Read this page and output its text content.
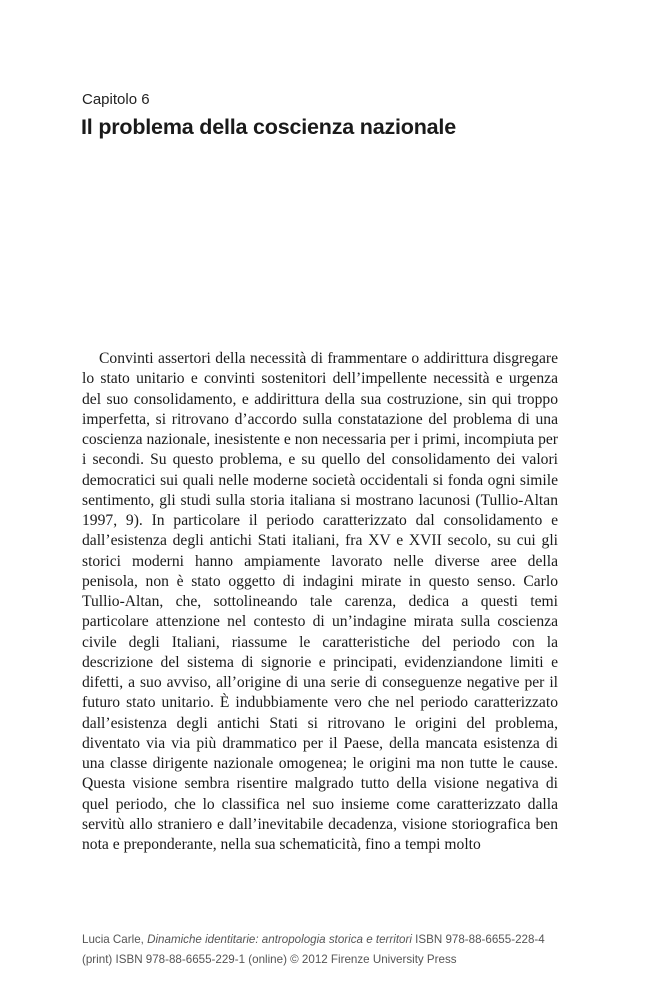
Capitolo 6
Il problema della coscienza nazionale

Convinti assertori della necessità di frammentare o addirittura disgregare lo stato unitario e convinti sostenitori dell’impellente necessità e urgenza del suo consolidamento, e addirittura della sua costruzione, sin qui troppo imperfetta, si ritrovano d’accordo sulla constatazione del problema di una coscienza nazionale, inesistente e non necessaria per i primi, incompiuta per i secondi. Su questo problema, e su quello del consolidamento dei valori democratici sui quali nelle moderne società occidentali si fonda ogni simile sentimento, gli studi sulla storia italiana si mostrano lacunosi (Tullio-Altan 1997, 9). In particolare il periodo caratterizzato dal consolidamento e dall’esistenza degli antichi Stati italiani, fra XV e XVII secolo, su cui gli storici moderni hanno ampiamente lavorato nelle diverse aree della penisola, non è stato oggetto di indagini mirate in questo senso. Carlo Tullio-Altan, che, sottolineando tale carenza, dedica a questi temi particolare attenzione nel contesto di un’indagine mirata sulla coscienza civile degli Italiani, riassume le caratteristiche del periodo con la descrizione del sistema di signorie e principati, evidenziandone limiti e difetti, a suo avviso, all’origine di una serie di conseguenze negative per il futuro stato unitario. È indubbiamente vero che nel periodo caratterizzato dall’esistenza degli antichi Stati si ritrovano le origini del problema, diventato via via più drammatico per il Paese, della mancata esistenza di una classe dirigente nazionale omogenea; le origini ma non tutte le cause. Questa visione sembra risentire malgrado tutto della visione negativa di quel periodo, che lo classifica nel suo insieme come caratterizzato dalla servitù allo straniero e dall’inevitabile decadenza, visione storiografica ben nota e preponderante, nella sua schematicità, fino a tempi molto

Lucia Carle, Dinamiche identitarie: antropologia storica e territori ISBN 978-88-6655-228-4 (print) ISBN 978-88-6655-229-1 (online) © 2012 Firenze University Press
